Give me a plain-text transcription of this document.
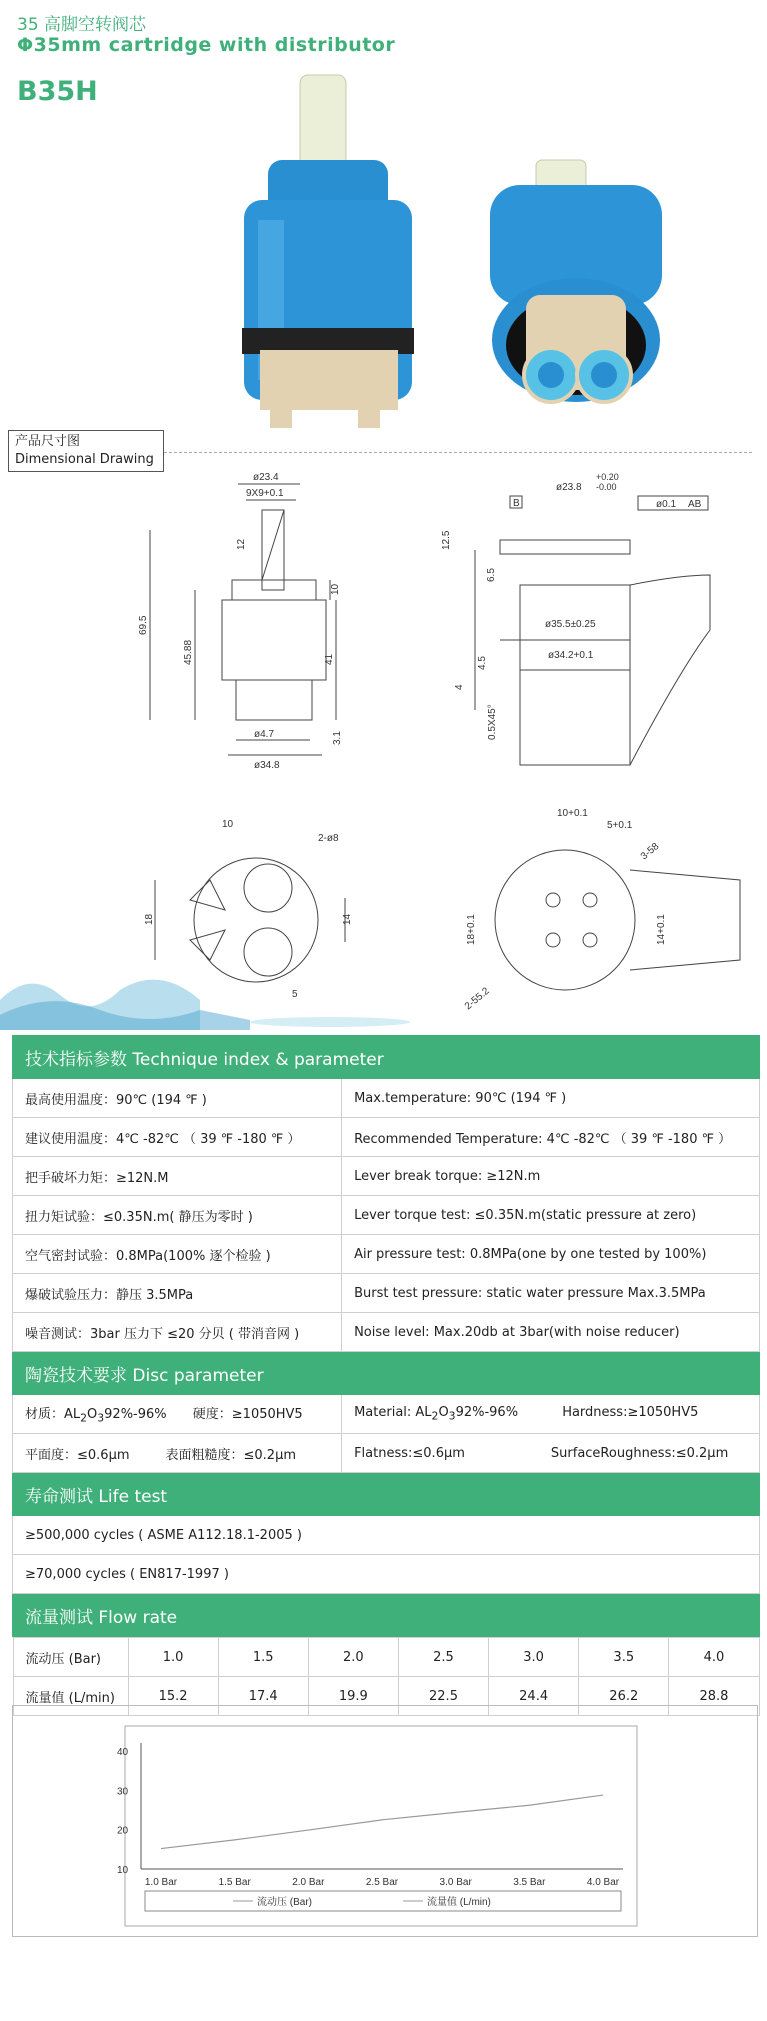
35 高脚空转阀芯
Φ35mm cartridge with distributor
B35H
产品尺寸图
Dimensional Drawing
ø23.4
9X9+0.1
12
69.5
45.88
10
41
ø4.7	3.1
ø34.8
ø23.8
+0.20
-0.00
B	ø0.1 AB
12.5
6.5
ø35.5±0.25
4.5
4
ø34.2+0.1
0.5X45°
10
2-ø8
18	14
5
10+0.1
5+0.1
3-58
18+0.1	14+0.1
2-55.2
技术指标参数 Technique index & parameter
最高使用温度：90℃ (194 ℉ )	Max.temperature: 90℃ (194 ℉ )
建议使用温度：4℃ -82℃ （ 39 ℉ -180 ℉ ）	Recommended Temperature: 4℃ -82℃ （ 39 ℉ -180 ℉ ）
把手破坏力矩：≥12N.M	Lever break torque: ≥12N.m
扭力矩试验：≤0.35N.m( 静压为零时 )	Lever torque test: ≤0.35N.m(static pressure at zero)
空气密封试验：0.8MPa(100% 逐个检验 )	Air pressure test: 0.8MPa(one by one tested by 100%)
爆破试验压力：静压 3.5MPa	Burst test pressure: static water pressure Max.3.5MPa
噪音测试：3bar 压力下 ≤20 分贝 ( 带消音网 )	Noise level: Max.20db at 3bar(with noise reducer)
陶瓷技术要求 Disc parameter
材质：$AL_2O_392\%-96\%$ 硬度：≥1050HV5	Material: $AL_2O_392\%-96\%$	Hardness:≥1050HV5
平面度：≤0.6μm	表面粗糙度：≤0.2μm	Flatness:≤0.6μm	SurfaceRoughness:≤0.2μm
寿命测试 Life test
≥500,000 cycles ( ASME A112.18.1-2005 )
≥70,000 cycles ( EN817-1997 )
流量测试 Flow rate

流动压 (Bar)	1.0	1.5	2.0	2.5	3.0	3.5	4.0
流量值 (L/min)	15.2	17.4	19.9	22.5	24.4	26.2	28.8
10
20
30
40
1.0 Bar	1.5 Bar	2.0 Bar	2.5 Bar	3.0 Bar	3.5 Bar	4.0 Bar
流动压 (Bar)	流量值 (L/min)
